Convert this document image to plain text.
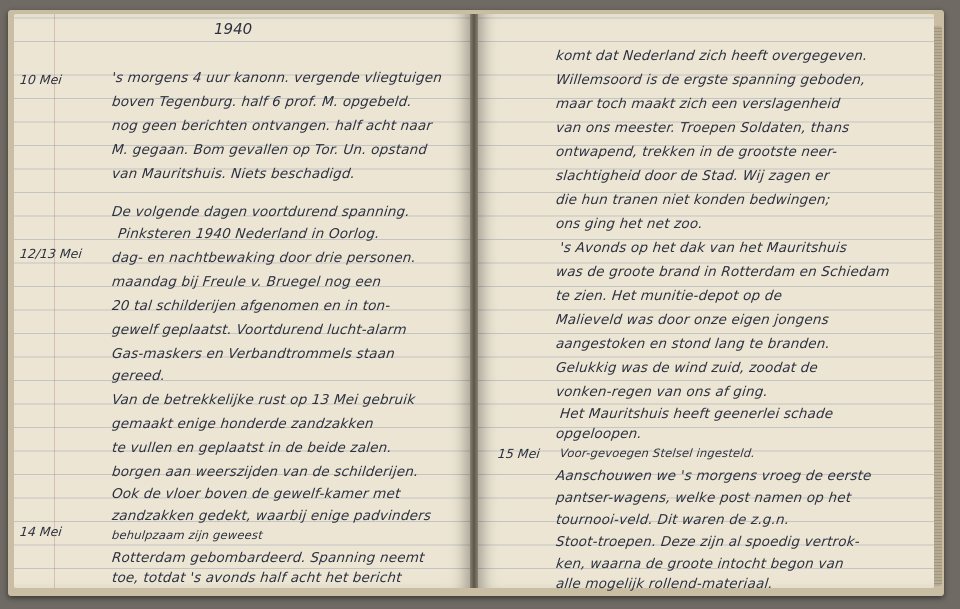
1940
10 Mei
12/13 Mei
14 Mei
's morgens 4 uur kanonn. vergende vliegtuigen
boven Tegenburg. half 6 prof. M. opgebeld.
nog geen berichten ontvangen. half acht naar
M. gegaan. Bom gevallen op Tor. Un. opstand
van Mauritshuis. Niets beschadigd.
De volgende dagen voortdurend spanning.
Pinksteren 1940 Nederland in Oorlog.
dag- en nachtbewaking door drie personen.
maandag bij Freule v. Bruegel nog een
20 tal schilderijen afgenomen en in ton-
gewelf geplaatst. Voortdurend lucht-alarm
Gas-maskers en Verbandtrommels staan
gereed.
Van de betrekkelijke rust op 13 Mei gebruik
gemaakt enige honderde zandzakken
te vullen en geplaatst in de beide zalen.
borgen aan weerszijden van de schilderijen.
Ook de vloer boven de gewelf-kamer met
zandzakken gedekt, waarbij enige padvinders
behulpzaam zijn geweest
Rotterdam gebombardeerd. Spanning neemt
toe, totdat 's avonds half acht het bericht
15 Mei
komt dat Nederland zich heeft overgegeven.
Willemsoord is de ergste spanning geboden,
maar toch maakt zich een verslagenheid
van ons meester. Troepen Soldaten, thans
ontwapend, trekken in de grootste neer-
slachtigheid door de Stad. Wij zagen er
die hun tranen niet konden bedwingen;
ons ging het net zoo.
's Avonds op het dak van het Mauritshuis
was de groote brand in Rotterdam en Schiedam
te zien. Het munitie-depot op de
Malieveld was door onze eigen jongens
aangestoken en stond lang te branden.
Gelukkig was de wind zuid, zoodat de
vonken-regen van ons af ging.
Het Mauritshuis heeft geenerlei schade
opgeloopen.
Voor-gevoegen Stelsel ingesteld.
Aanschouwen we 's morgens vroeg de eerste
pantser-wagens, welke post namen op het
tournooi-veld. Dit waren de z.g.n.
Stoot-troepen. Deze zijn al spoedig vertrok-
ken, waarna de groote intocht begon van
alle mogelijk rollend-materiaal.
